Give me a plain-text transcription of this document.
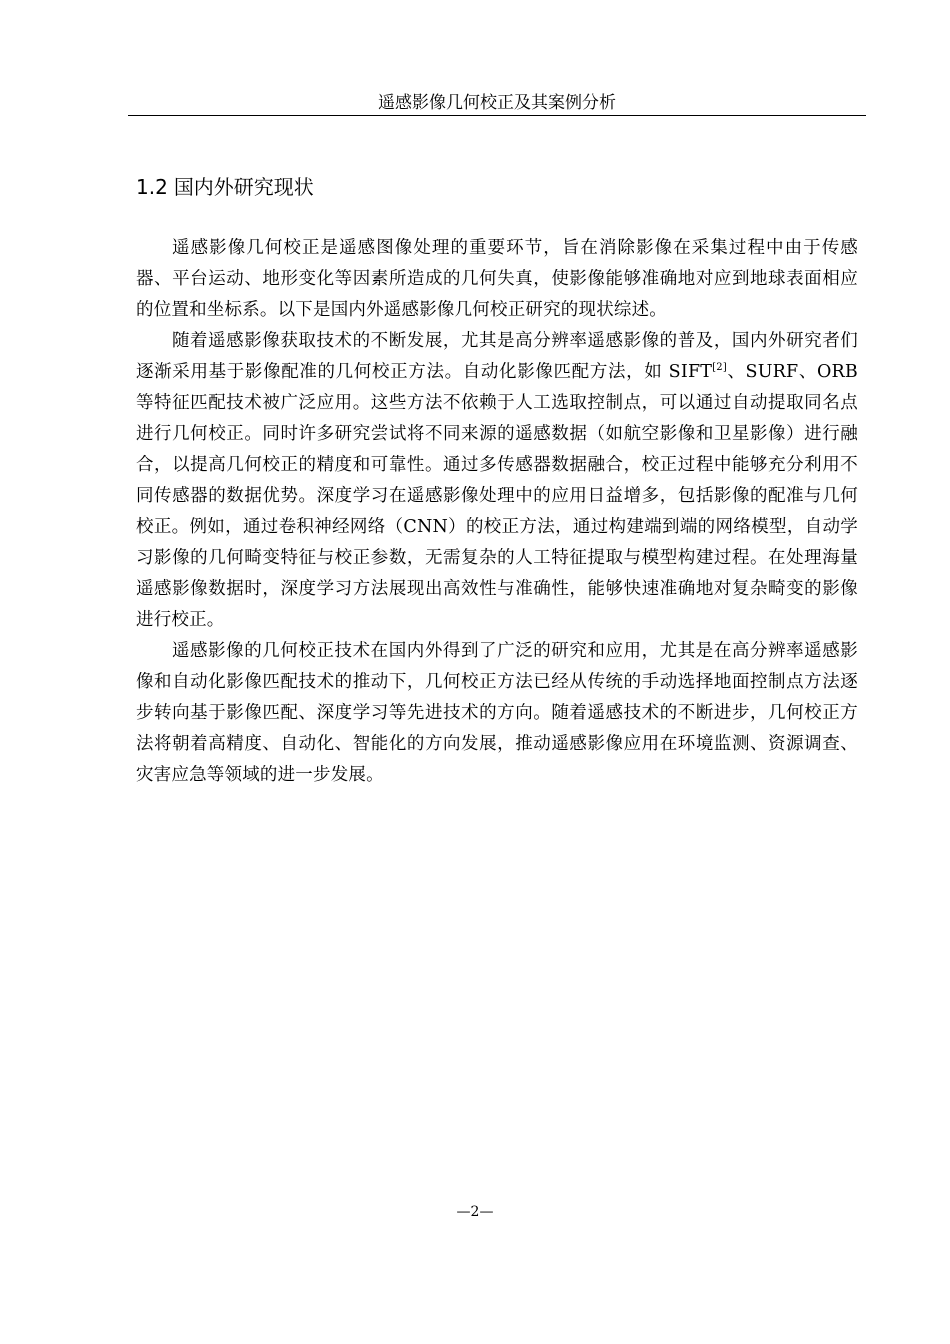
遥感影像几何校正及其案例分析
1.2 国内外研究现状

遥感影像几何校正是遥感图像处理的重要环节，旨在消除影像在采集过程中由于传感器、平台运动、地形变化等因素所造成的几何失真，使影像能够准确地对应到地球表面相应的位置和坐标系。以下是国内外遥感影像几何校正研究的现状综述。

随着遥感影像获取技术的不断发展，尤其是高分辨率遥感影像的普及，国内外研究者们逐渐采用基于影像配准的几何校正方法。自动化影像匹配方法，如 SIFT[2]、SURF、ORB 等特征匹配技术被广泛应用。这些方法不依赖于人工选取控制点，可以通过自动提取同名点进行几何校正。同时许多研究尝试将不同来源的遥感数据（如航空影像和卫星影像）进行融合，以提高几何校正的精度和可靠性。通过多传感器数据融合，校正过程中能够充分利用不同传感器的数据优势。深度学习在遥感影像处理中的应用日益增多，包括影像的配准与几何校正。例如，通过卷积神经网络（CNN）的校正方法，通过构建端到端的网络模型，自动学习影像的几何畸变特征与校正参数，无需复杂的人工特征提取与模型构建过程。在处理海量遥感影像数据时，深度学习方法展现出高效性与准确性，能够快速准确地对复杂畸变的影像进行校正。

遥感影像的几何校正技术在国内外得到了广泛的研究和应用，尤其是在高分辨率遥感影像和自动化影像匹配技术的推动下，几何校正方法已经从传统的手动选择地面控制点方法逐步转向基于影像匹配、深度学习等先进技术的方向。随着遥感技术的不断进步，几何校正方法将朝着高精度、自动化、智能化的方向发展，推动遥感影像应用在环境监测、资源调查、灾害应急等领域的进一步发展。

—2—
